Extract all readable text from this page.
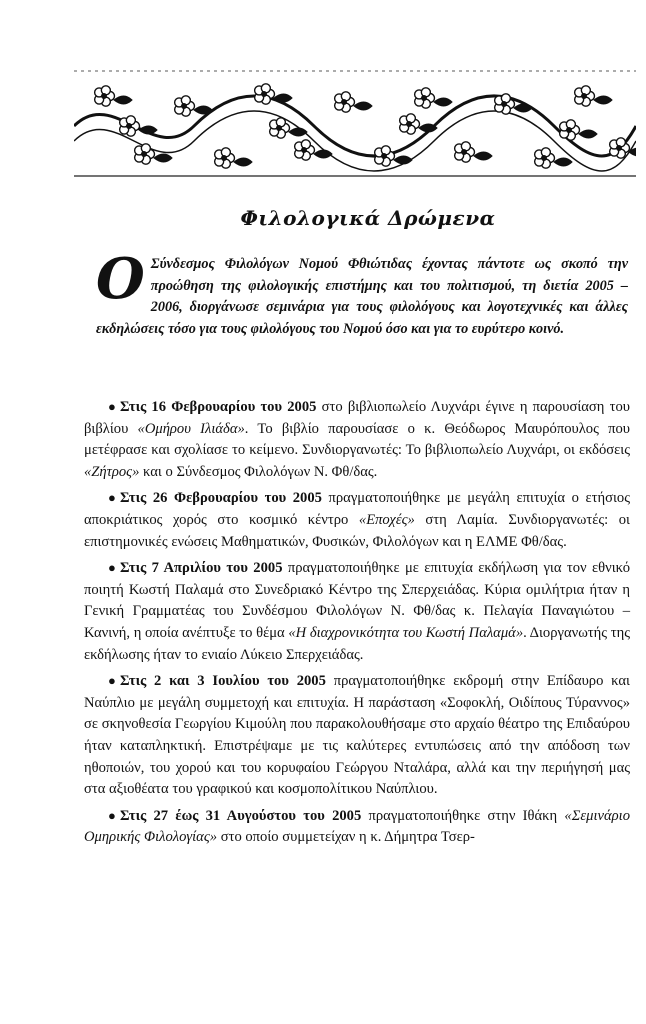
Φιλολογικά Δρώμενα
Ο Σύνδεσμος Φιλολόγων Νομού Φθιώτιδας έχοντας πάντοτε ως σκοπό την προώθηση της φιλολογικής επιστήμης και του πολιτισμού, τη διετία 2005 – 2006, διοργάνωσε σεμινάρια για τους φιλολόγους και λογοτεχνικές και άλλες εκδηλώσεις τόσο για τους φιλολόγους του Νομού όσο και για το ευρύτερο κοινό.

● Στις 16 Φεβρουαρίου του 2005 στο βιβλιοπωλείο Λυχνάρι έγινε η παρουσίαση του βιβλίου «Ομήρου Ιλιάδα». Το βιβλίο παρουσίασε ο κ. Θεόδωρος Μαυρόπουλος που μετέφρασε και σχολίασε το κείμενο. Συνδιοργανωτές: Το βιβλιοπωλείο Λυχνάρι, οι εκδόσεις «Ζήτρος» και ο Σύνδεσμος Φιλολόγων Ν. Φθ/δας.

● Στις 26 Φεβρουαρίου του 2005 πραγματοποιήθηκε με μεγάλη επιτυχία ο ετήσιος αποκριάτικος χορός στο κοσμικό κέντρο «Εποχές» στη Λαμία. Συνδιοργανωτές: οι επιστημονικές ενώσεις Μαθηματικών, Φυσικών, Φιλολόγων και η ΕΛΜΕ Φθ/δας.

● Στις 7 Απριλίου του 2005 πραγματοποιήθηκε με επιτυχία εκδήλωση για τον εθνικό ποιητή Κωστή Παλαμά στο Συνεδριακό Κέντρο της Σπερχειάδας. Κύρια ομιλήτρια ήταν η Γενική Γραμματέας του Συνδέσμου Φιλολόγων Ν. Φθ/δας κ. Πελαγία Παναγιώτου – Κανινή, η οποία ανέπτυξε το θέμα «Η διαχρονικότητα του Κωστή Παλαμά». Διοργανωτής της εκδήλωσης ήταν το ενιαίο Λύκειο Σπερχειάδας.

● Στις 2 και 3 Ιουλίου του 2005 πραγματοποιήθηκε εκδρομή στην Επίδαυρο και Ναύπλιο με μεγάλη συμμετοχή και επιτυχία. Η παράσταση «Σοφοκλή, Οιδίπους Τύραννος» σε σκηνοθεσία Γεωργίου Κιμούλη που παρακολουθήσαμε στο αρχαίο θέατρο της Επιδαύρου ήταν καταπληκτική. Επιστρέψαμε με τις καλύτερες εντυπώσεις από την απόδοση των ηθοποιών, του χορού και του κορυφαίου Γεώργου Νταλάρα, αλλά και την περιήγησή μας στα αξιοθέατα του γραφικού και κοσμοπολίτικου Ναύπλιου.

● Στις 27 έως 31 Αυγούστου του 2005 πραγματοποιήθηκε στην Ιθάκη «Σεμινάριο Ομηρικής Φιλολογίας» στο οποίο συμμετείχαν η κ. Δήμητρα Τσερ-
